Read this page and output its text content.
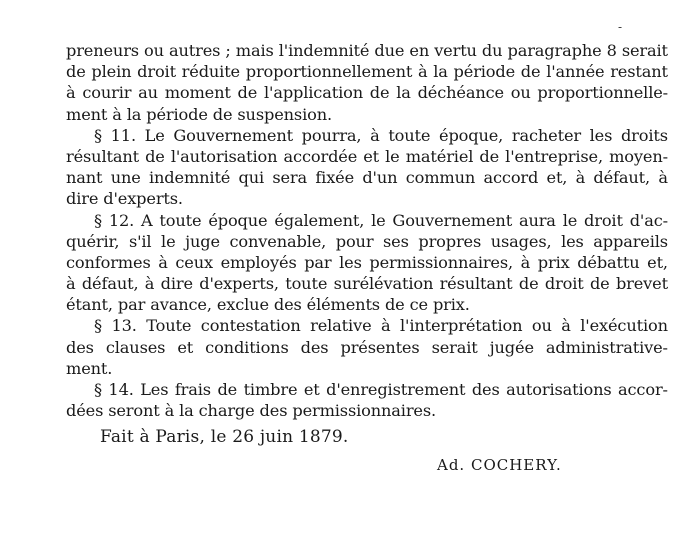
-
preneurs ou autres ; mais l'indemnité due en vertu du paragraphe 8 serait
de plein droit réduite proportionnellement à la période de l'année restant
à courir au moment de l'application de la déchéance ou proportionnelle-
ment à la période de suspension.
§ 11. Le Gouvernement pourra, à toute époque, racheter les droits
résultant de l'autorisation accordée et le matériel de l'entreprise, moyen-
nant une indemnité qui sera fixée d'un commun accord et, à défaut, à
dire d'experts.
§ 12. A toute époque également, le Gouvernement aura le droit d'ac-
quérir, s'il le juge convenable, pour ses propres usages, les appareils
conformes à ceux employés par les permissionnaires, à prix débattu et,
à défaut, à dire d'experts, toute surélévation résultant de droit de brevet
étant, par avance, exclue des éléments de ce prix.
§ 13. Toute contestation relative à l'interprétation ou à l'exécution
des clauses et conditions des présentes serait jugée administrative-
ment.
§ 14. Les frais de timbre et d'enregistrement des autorisations accor-
dées seront à la charge des permissionnaires.
Fait à Paris, le 26 juin 1879.
Ad. COCHERY.
